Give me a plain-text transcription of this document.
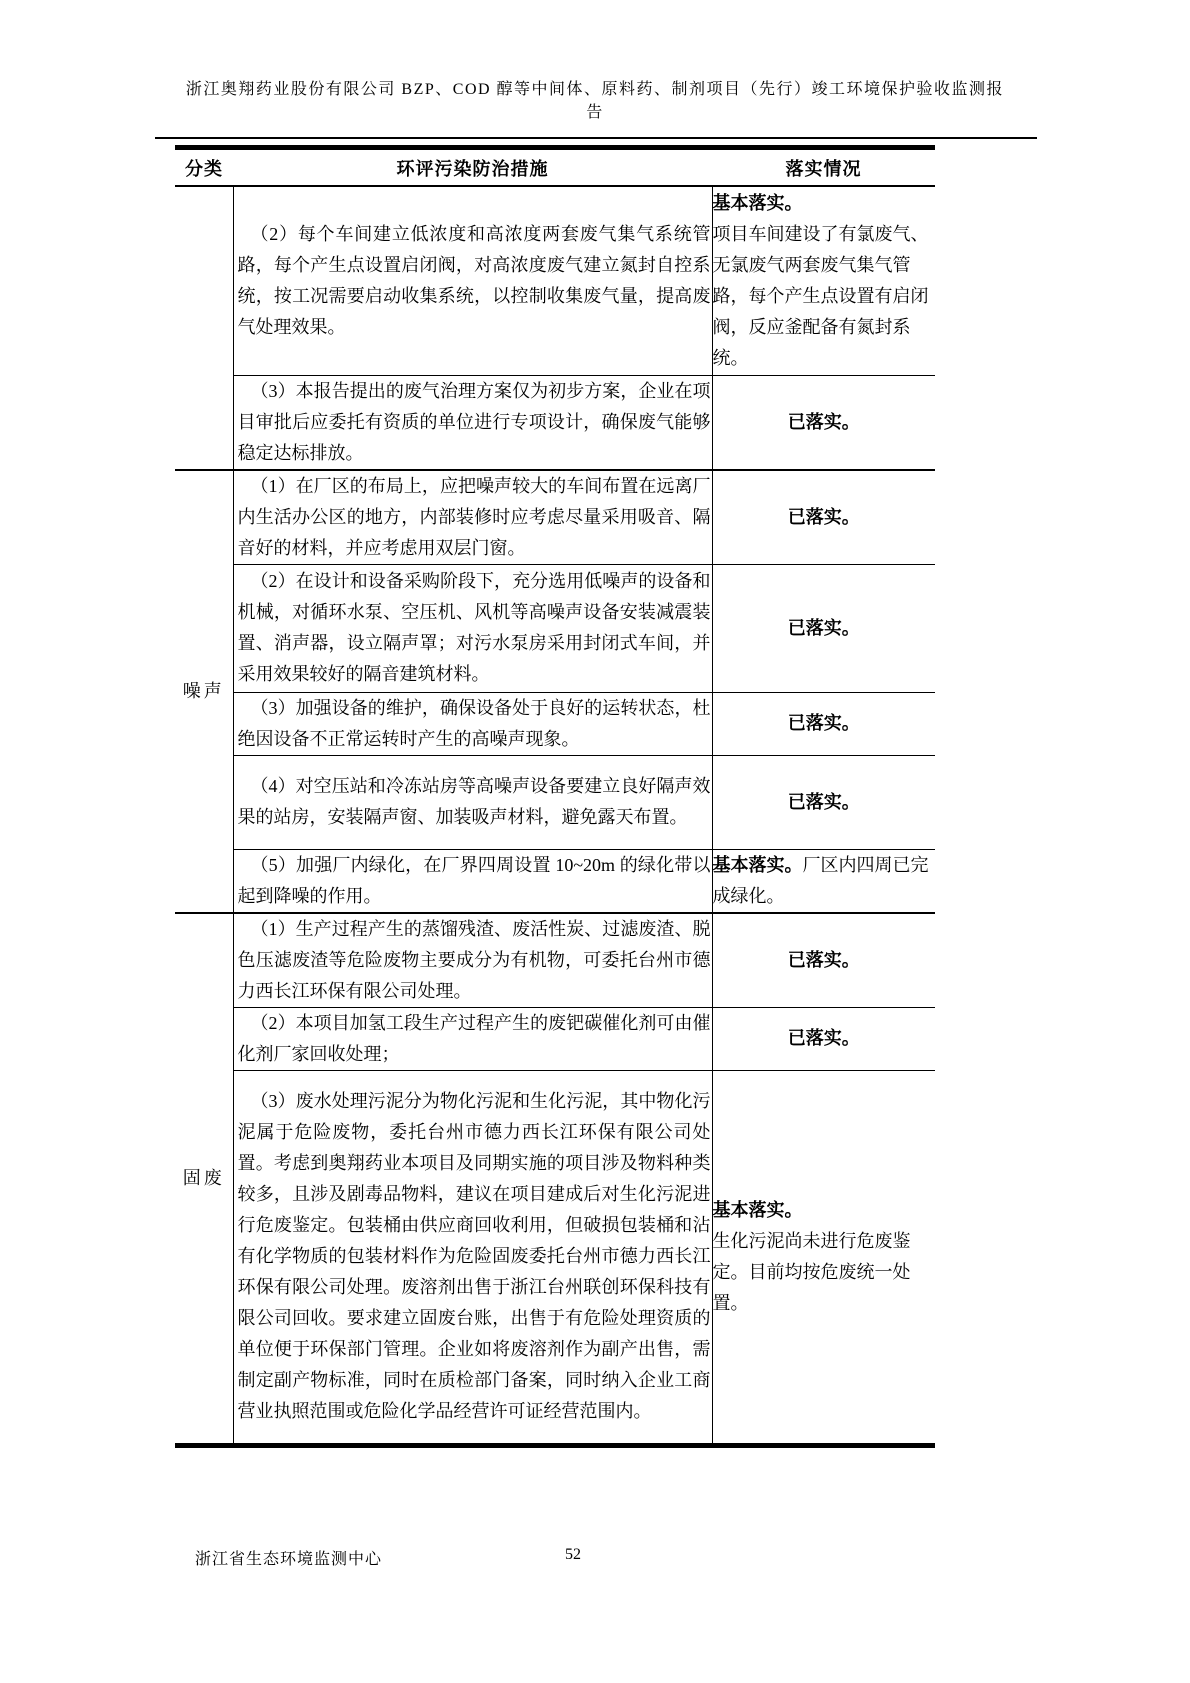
浙江奥翔药业股份有限公司 BZP、COD 醇等中间体、原料药、制剂项目（先行）竣工环境保护验收监测报
告
分类	环评污染防治措施	落实情况
	（2）每个车间建立低浓度和高浓度两套废气集气系统管路，每个产生点设置启闭阀，对高浓度废气建立氮封自控系统，按工况需要启动收集系统，以控制收集废气量，提高废气处理效果。	基本落实。
项目车间建设了有氯废气、无氯废气两套废气集气管路，每个产生点设置有启闭阀，反应釜配备有氮封系统。

	（3）本报告提出的废气治理方案仅为初步方案，企业在项目审批后应委托有资质的单位进行专项设计，确保废气能够稳定达标排放。	已落实。
噪声	（1）在厂区的布局上，应把噪声较大的车间布置在远离厂内生活办公区的地方，内部装修时应考虑尽量采用吸音、隔音好的材料，并应考虑用双层门窗。	已落实。
	（2）在设计和设备采购阶段下，充分选用低噪声的设备和机械，对循环水泵、空压机、风机等高噪声设备安装减震装置、消声器，设立隔声罩；对污水泵房采用封闭式车间，并采用效果较好的隔音建筑材料。	已落实。
	（3）加强设备的维护，确保设备处于良好的运转状态，杜绝因设备不正常运转时产生的高噪声现象。	已落实。
	（4）对空压站和冷冻站房等高噪声设备要建立良好隔声效果的站房，安装隔声窗、加装吸声材料，避免露天布置。	已落实。
	（5）加强厂内绿化，在厂界四周设置 10~20m 的绿化带以起到降噪的作用。	基本落实。厂区内四周已完成绿化。
固废	（1）生产过程产生的蒸馏残渣、废活性炭、过滤废渣、脱色压滤废渣等危险废物主要成分为有机物，可委托台州市德力西长江环保有限公司处理。	已落实。
	（2）本项目加氢工段生产过程产生的废钯碳催化剂可由催化剂厂家回收处理；	已落实。
	（3）废水处理污泥分为物化污泥和生化污泥，其中物化污泥属于危险废物，委托台州市德力西长江环保有限公司处置。考虑到奥翔药业本项目及同期实施的项目涉及物料种类较多，且涉及剧毒品物料，建议在项目建成后对生化污泥进行危废鉴定。包装桶由供应商回收利用，但破损包装桶和沾有化学物质的包装材料作为危险固废委托台州市德力西长江环保有限公司处理。废溶剂出售于浙江台州联创环保科技有限公司回收。要求建立固废台账，出售于有危险处理资质的单位便于环保部门管理。企业如将废溶剂作为副产出售，需制定副产物标准，同时在质检部门备案，同时纳入企业工商营业执照范围或危险化学品经营许可证经营范围内。	基本落实。
生化污泥尚未进行危废鉴定。目前均按危废统一处置。
浙江省生态环境监测中心	52
